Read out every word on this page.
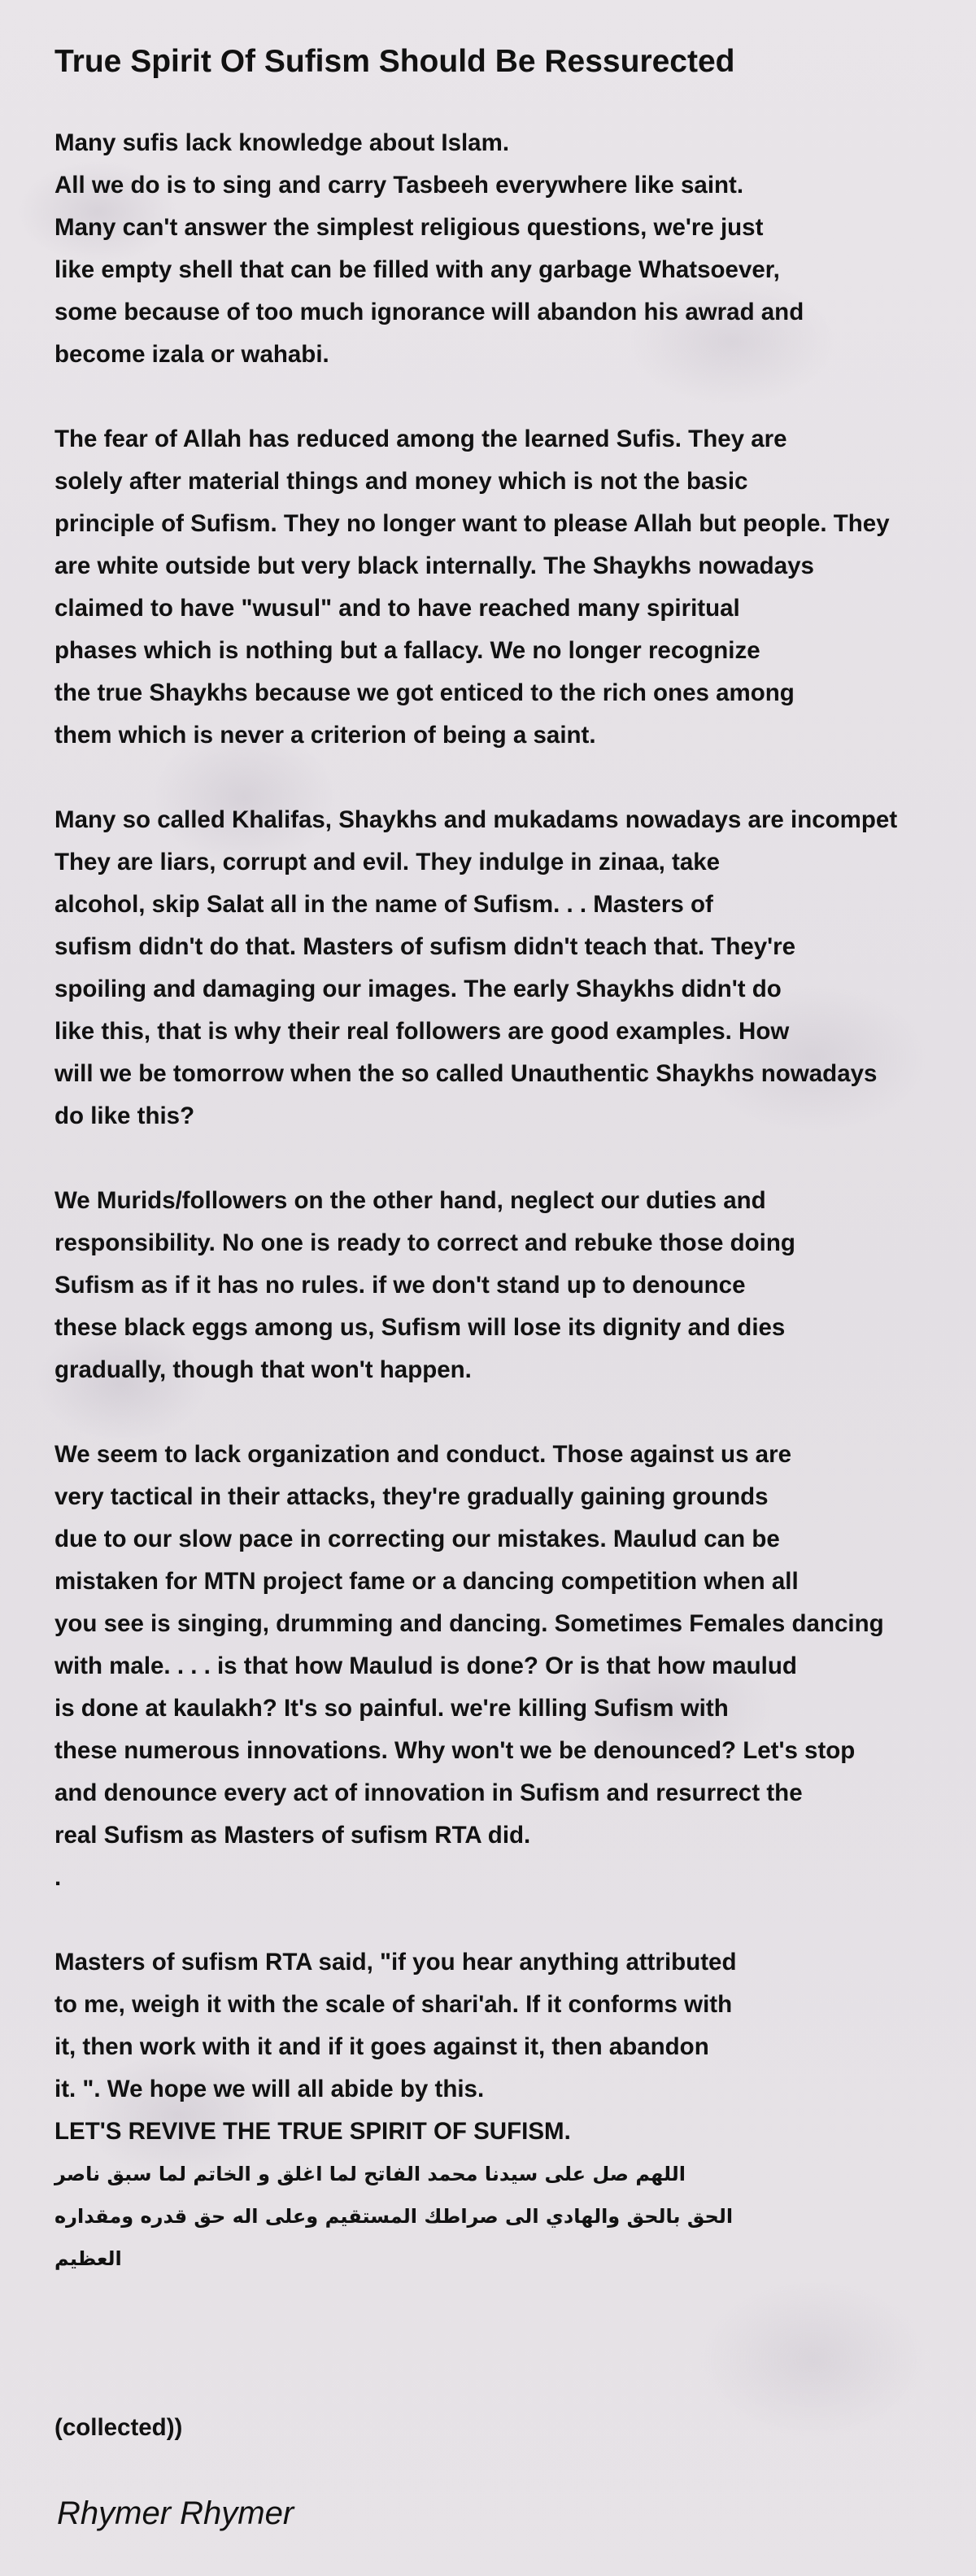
True Spirit Of Sufism Should Be Ressurected
Many sufis lack knowledge about Islam.
All we do is to sing and carry Tasbeeh everywhere like saint.
Many can't answer the simplest religious questions, we're just
like empty shell that can be filled with any garbage Whatsoever,
some because of too much ignorance will abandon his awrad and
become izala or wahabi.
The fear of Allah has reduced among the learned Sufis. They are
solely after material things and money which is not the basic
principle of Sufism. They no longer want to please Allah but people. They
are white outside but very black internally. The Shaykhs nowadays
claimed to have "wusul" and to have reached many spiritual
phases which is nothing but a fallacy. We no longer recognize
the true Shaykhs because we got enticed to the rich ones among
them which is never a criterion of being a saint.
Many so called Khalifas, Shaykhs and mukadams nowadays are incompet
They are liars, corrupt and evil. They indulge in zinaa, take
alcohol, skip Salat all in the name of Sufism. . . Masters of
sufism didn't do that. Masters of sufism didn't teach that. They're
spoiling and damaging our images. The early Shaykhs didn't do
like this, that is why their real followers are good examples. How
will we be tomorrow when the so called Unauthentic Shaykhs nowadays
do like this?
We Murids/followers on the other hand, neglect our duties and
responsibility. No one is ready to correct and rebuke those doing
Sufism as if it has no rules. if we don't stand up to denounce
these black eggs among us, Sufism will lose its dignity and dies
gradually, though that won't happen.
We seem to lack organization and conduct. Those against us are
very tactical in their attacks, they're gradually gaining grounds
due to our slow pace in correcting our mistakes. Maulud can be
mistaken for MTN project fame or a dancing competition when all
you see is singing, drumming and dancing. Sometimes Females dancing
with male. . . . is that how Maulud is done? Or is that how maulud
is done at kaulakh? It's so painful. we're killing Sufism with
these numerous innovations. Why won't we be denounced? Let's stop
and denounce every act of innovation in Sufism and resurrect the
real Sufism as Masters of sufism RTA did.
.
Masters of sufism RTA said, "if you hear anything attributed
to me, weigh it with the scale of shari'ah. If it conforms with
it, then work with it and if it goes against it, then abandon
it. ". We hope we will all abide by this.
LET'S REVIVE THE TRUE SPIRIT OF SUFISM.
اللهم صل على سيدنا محمد الفاتح لما اغلق و الخاتم لما سبق ناصر
الحق بالحق والهادي الى صراطك المستقيم وعلى اله حق قدره ومقداره
العظيم
(collected))

Rhymer Rhymer
